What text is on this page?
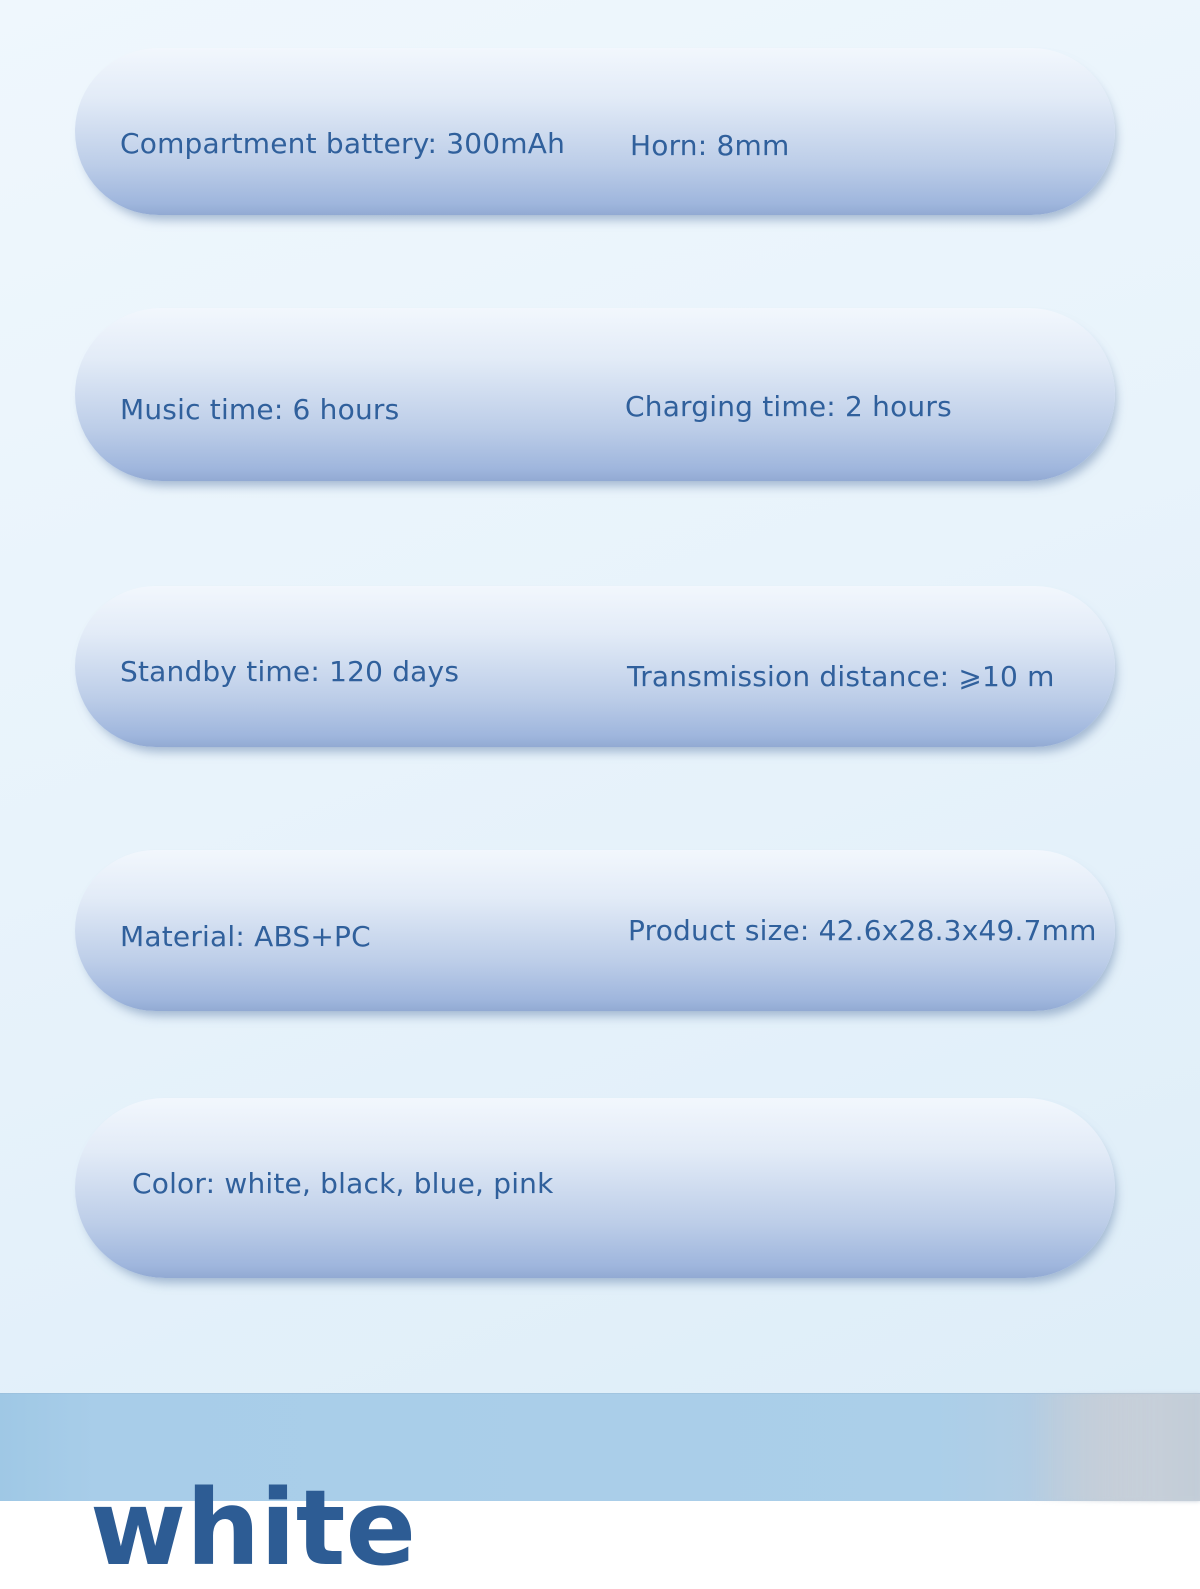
Compartment battery: 300mAh Horn: 8mm
Music time: 6 hours	Charging time: 2 hours
Standby time: 120 days	Transmission distance: ⩾10 m
Material: ABS+PC	Product size: 42.6x28.3x49.7mm
Color: white, black, blue, pink
white
